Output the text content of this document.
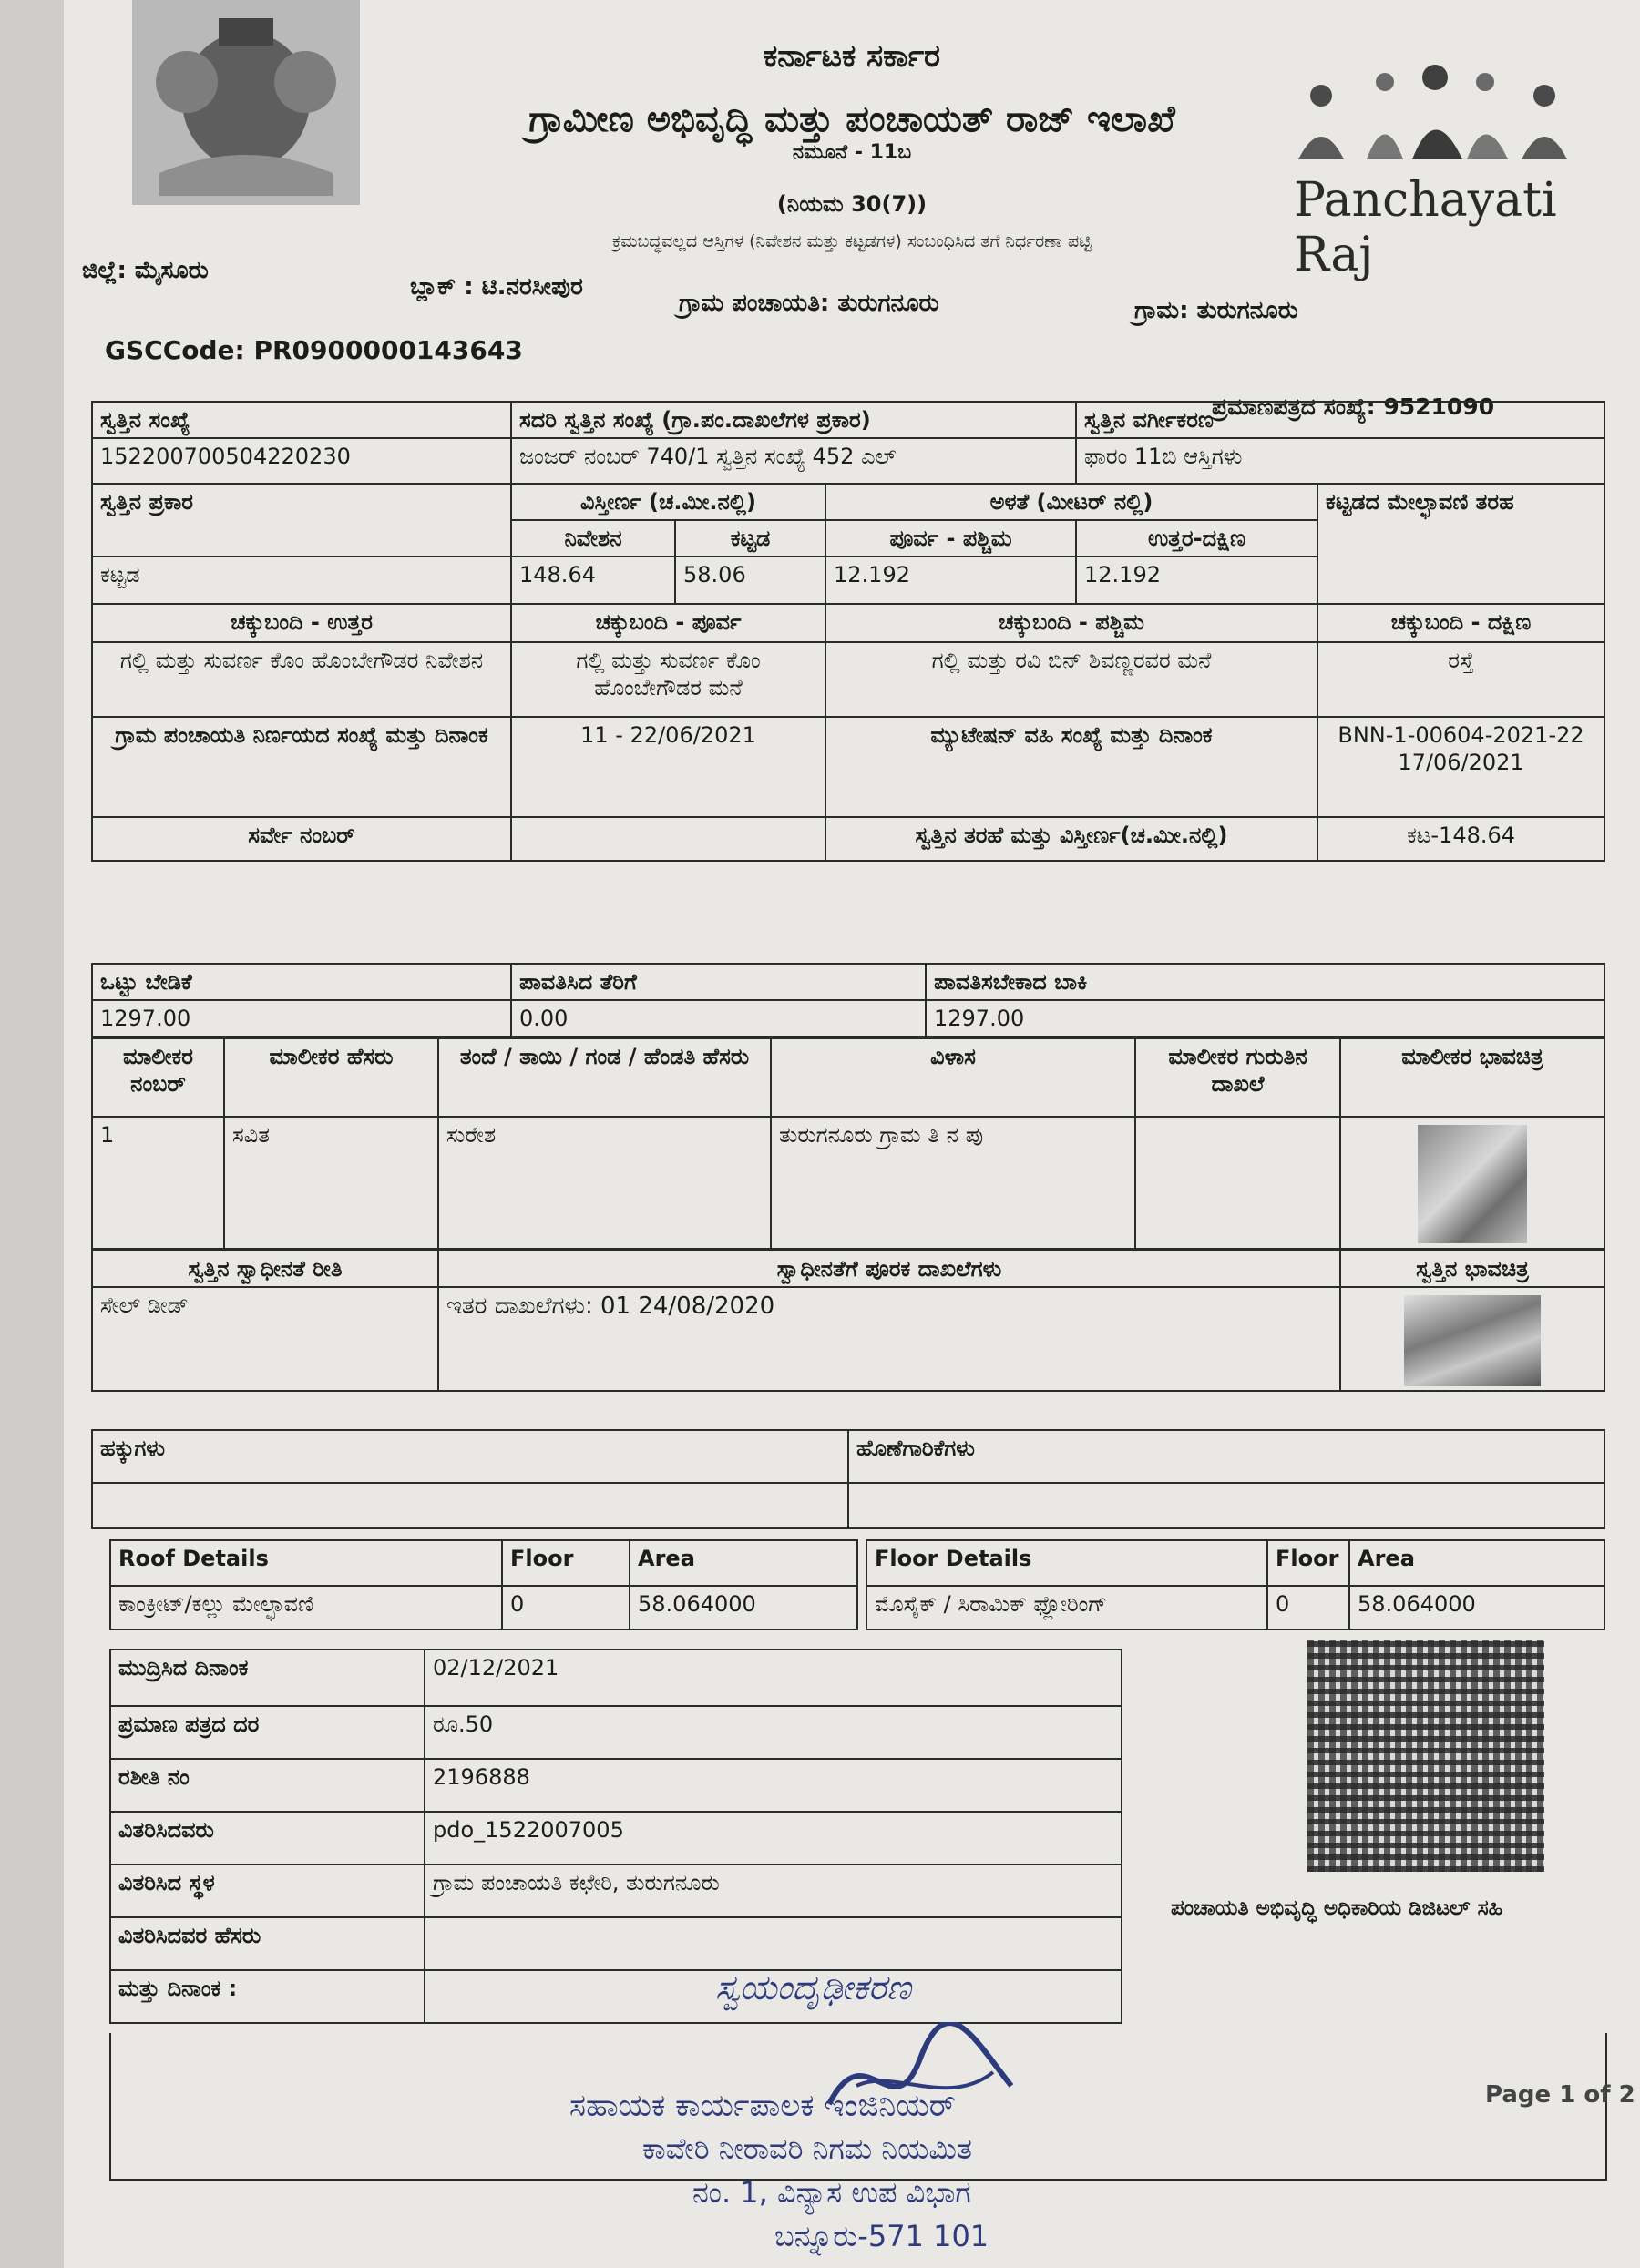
Panchayati Raj
ಕರ್ನಾಟಕ ಸರ್ಕಾರ
ಗ್ರಾಮೀಣ ಅಭಿವೃದ್ಧಿ ಮತ್ತು ಪಂಚಾಯತ್ ರಾಜ್ ಇಲಾಖೆ
ನಮೂನೆ - 11ಬ
(ನಿಯಮ 30(7))
ಕ್ರಮಬದ್ಧವಲ್ಲದ ಆಸ್ತಿಗಳ (ನಿವೇಶನ ಮತ್ತು ಕಟ್ಟಡಗಳ) ಸಂಬಂಧಿಸಿದ ತಗೆ ನಿರ್ಧರಣಾ ಪಟ್ಟಿ
ಜಿಲ್ಲೆ: ಮೈಸೂರು
ಬ್ಲಾಕ್ : ಟಿ.ನರಸೀಪುರ
ಗ್ರಾಮ ಪಂಚಾಯತಿ: ತುರುಗನೂರು	ಗ್ರಾಮ: ತುರುಗನೂರು
GSCCode: PR0900000143643
ಪ್ರಮಾಣಪತ್ರದ ಸಂಖ್ಯೆ: 9521090
ಸ್ವತ್ತಿನ ಸಂಖ್ಯೆ	ಸದರಿ ಸ್ವತ್ತಿನ ಸಂಖ್ಯೆ (ಗ್ರಾ.ಪಂ.ದಾಖಲೆಗಳ ಪ್ರಕಾರ)			ಸ್ವತ್ತಿನ ವರ್ಗೀಕರಣ	
152200700504220230	ಜಂಜರ್ ನಂಬರ್ 740/1 ಸ್ವತ್ತಿನ ಸಂಖ್ಯೆ 452 ಎಲ್			ಫಾರಂ 11ಬಿ ಆಸ್ತಿಗಳು	
ಸ್ವತ್ತಿನ ಪ್ರಕಾರ	ವಿಸ್ತೀರ್ಣ (ಚ.ಮೀ.ನಲ್ಲಿ)		ಅಳತೆ (ಮೀಟರ್ ನಲ್ಲಿ)		ಕಟ್ಟಡದ ಮೇಲ್ಛಾವಣಿ ತರಹ
	ನಿವೇಶನ	ಕಟ್ಟಡ	ಪೂರ್ವ - ಪಶ್ಚಿಮ	ಉತ್ತರ-ದಕ್ಷಿಣ	
ಕಟ್ಟಡ	148.64	58.06	12.192	12.192	
ಚಕ್ಕುಬಂದಿ - ಉತ್ತರ	ಚಕ್ಕುಬಂದಿ - ಪೂರ್ವ		ಚಕ್ಕುಬಂದಿ - ಪಶ್ಚಿಮ		ಚಕ್ಕುಬಂದಿ - ದಕ್ಷಿಣ
ಗಲ್ಲಿ ಮತ್ತು ಸುವರ್ಣ ಕೊಂ ಹೊಂಬೇಗೌಡರ ನಿವೇಶನ	ಗಲ್ಲಿ ಮತ್ತು ಸುವರ್ಣ ಕೊಂ ಹೊಂಬೇಗೌಡರ ಮನೆ		ಗಲ್ಲಿ ಮತ್ತು ರವಿ ಬಿನ್ ಶಿವಣ್ಣರವರ ಮನೆ		ರಸ್ತೆ
ಗ್ರಾಮ ಪಂಚಾಯತಿ ನಿರ್ಣಯದ ಸಂಖ್ಯೆ ಮತ್ತು ದಿನಾಂಕ	11 - 22/06/2021		ಮ್ಯುಟೇಷನ್ ವಹಿ ಸಂಖ್ಯೆ ಮತ್ತು ದಿನಾಂಕ		BNN-1-00604-2021-22 17/06/2021
ಸರ್ವೇ ನಂಬರ್			ಸ್ವತ್ತಿನ ತರಹೆ ಮತ್ತು ವಿಸ್ತೀರ್ಣ(ಚ.ಮೀ.ನಲ್ಲಿ)		ಕಟ-148.64
ಒಟ್ಟು ಬೇಡಿಕೆ	ಪಾವತಿಸಿದ ತೆರಿಗೆ	ಪಾವತಿಸಬೇಕಾದ ಬಾಕಿ
1297.00	0.00	1297.00
ಮಾಲೀಕರ ನಂಬರ್	ಮಾಲೀಕರ ಹೆಸರು	ತಂದೆ / ತಾಯಿ / ಗಂಡ / ಹೆಂಡತಿ ಹೆಸರು	ವಿಳಾಸ	ಮಾಲೀಕರ ಗುರುತಿನ ದಾಖಲೆ	ಮಾಲೀಕರ ಭಾವಚಿತ್ರ
1	ಸವಿತ	ಸುರೇಶ	ತುರುಗನೂರು ಗ್ರಾಮ ತಿ ನ ಪು		
ಸ್ವತ್ತಿನ ಸ್ವಾಧೀನತೆ ರೀತಿ	ಸ್ವಾಧೀನತೆಗೆ ಪೂರಕ ದಾಖಲೆಗಳು	ಸ್ವತ್ತಿನ ಭಾವಚಿತ್ರ
ಸೇಲ್ ಡೀಡ್	ಇತರ ದಾಖಲೆಗಳು: 01 24/08/2020	
ಹಕ್ಕುಗಳು	ಹೊಣೆಗಾರಿಕೆಗಳು

Roof Details	Floor	Area
ಕಾಂಕ್ರೀಟ್/ಕಲ್ಲು ಮೇಲ್ಛಾವಣಿ	0	58.064000
Floor Details	Floor	Area
ಮೊಸೈಕ್ / ಸಿರಾಮಿಕ್ ಫ್ಲೋರಿಂಗ್	0	58.064000
ಮುದ್ರಿಸಿದ ದಿನಾಂಕ	02/12/2021
ಪ್ರಮಾಣ ಪತ್ರದ ದರ	ರೂ.50
ರಶೀತಿ ನಂ	2196888
ವಿತರಿಸಿದವರು	pdo_1522007005
ವಿತರಿಸಿದ ಸ್ಥಳ	ಗ್ರಾಮ ಪಂಚಾಯತಿ ಕಛೇರಿ, ತುರುಗನೂರು
ವಿತರಿಸಿದವರ ಹೆಸರು	
ಮತ್ತು ದಿನಾಂಕ :	
ಪಂಚಾಯತಿ ಅಭಿವೃದ್ಧಿ ಅಧಿಕಾರಿಯ ಡಿಜಿಟಲ್ ಸಹಿ
Page 1 of 2
ಸ್ವಯಂದೃಢೀಕರಣ
ಸಹಾಯಕ ಕಾರ್ಯಪಾಲಕ ಇಂಜಿನಿಯರ್
ಕಾವೇರಿ ನೀರಾವರಿ ನಿಗಮ ನಿಯಮಿತ
ನಂ. 1, ವಿನ್ಯಾಸ ಉಪ ವಿಭಾಗ
ಬನ್ನೂರು-571 101
